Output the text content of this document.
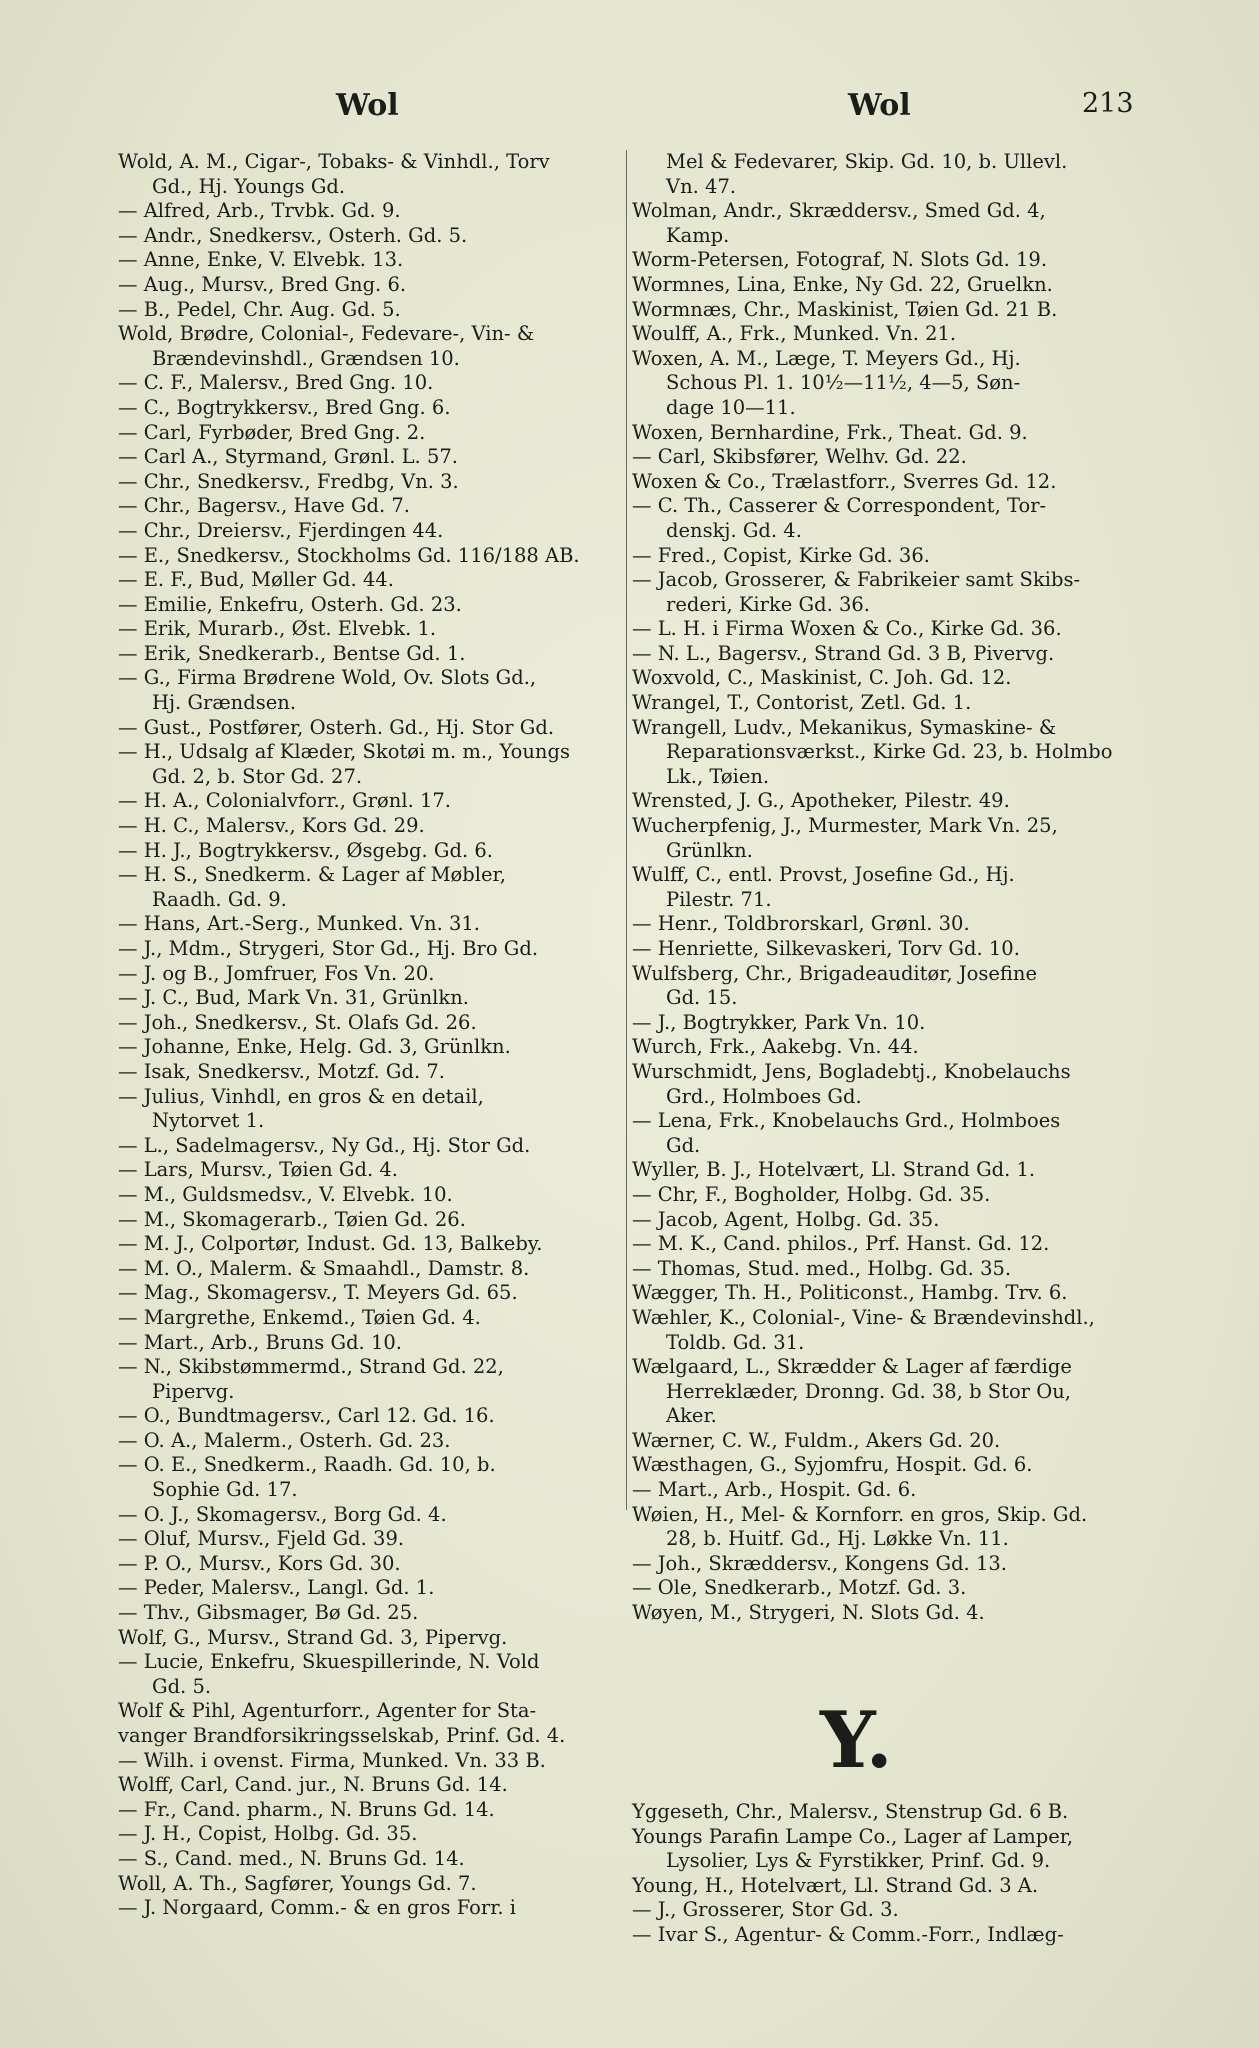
Wol	Wol	213

Wold, A. M., Cigar-, Tobaks- & Vinhdl., Torv

Gd., Hj. Youngs Gd.

— Alfred, Arb., Trvbk. Gd. 9.

— Andr., Snedkersv., Osterh. Gd. 5.

— Anne, Enke, V. Elvebk. 13.

— Aug., Mursv., Bred Gng. 6.

— B., Pedel, Chr. Aug. Gd. 5.

Wold, Brødre, Colonial-, Fedevare-, Vin- &

Brændevinshdl., Grændsen 10.

— C. F., Malersv., Bred Gng. 10.

— C., Bogtrykkersv., Bred Gng. 6.

— Carl, Fyrbøder, Bred Gng. 2.

— Carl A., Styrmand, Grønl. L. 57.

— Chr., Snedkersv., Fredbg, Vn. 3.

— Chr., Bagersv., Have Gd. 7.

— Chr., Dreiersv., Fjerdingen 44.

— E., Snedkersv., Stockholms Gd. 116/188 AB.

— E. F., Bud, Møller Gd. 44.

— Emilie, Enkefru, Osterh. Gd. 23.

— Erik, Murarb., Øst. Elvebk. 1.

— Erik, Snedkerarb., Bentse Gd. 1.

— G., Firma Brødrene Wold, Ov. Slots Gd.,

Hj. Grændsen.

— Gust., Postfører, Osterh. Gd., Hj. Stor Gd.

— H., Udsalg af Klæder, Skotøi m. m., Youngs

Gd. 2, b. Stor Gd. 27.

— H. A., Colonialvforr., Grønl. 17.

— H. C., Malersv., Kors Gd. 29.

— H. J., Bogtrykkersv., Øsgebg. Gd. 6.

— H. S., Snedkerm. & Lager af Møbler,

Raadh. Gd. 9.

— Hans, Art.-Serg., Munked. Vn. 31.

— J., Mdm., Strygeri, Stor Gd., Hj. Bro Gd.

— J. og B., Jomfruer, Fos Vn. 20.

— J. C., Bud, Mark Vn. 31, Grünlkn.

— Joh., Snedkersv., St. Olafs Gd. 26.

— Johanne, Enke, Helg. Gd. 3, Grünlkn.

— Isak, Snedkersv., Motzf. Gd. 7.

— Julius, Vinhdl, en gros & en detail,

Nytorvet 1.

— L., Sadelmagersv., Ny Gd., Hj. Stor Gd.

— Lars, Mursv., Tøien Gd. 4.

— M., Guldsmedsv., V. Elvebk. 10.

— M., Skomagerarb., Tøien Gd. 26.

— M. J., Colportør, Indust. Gd. 13, Balkeby.

— M. O., Malerm. & Smaahdl., Damstr. 8.

— Mag., Skomagersv., T. Meyers Gd. 65.

— Margrethe, Enkemd., Tøien Gd. 4.

— Mart., Arb., Bruns Gd. 10.

— N., Skibstømmermd., Strand Gd. 22,

Pipervg.

— O., Bundtmagersv., Carl 12. Gd. 16.

— O. A., Malerm., Osterh. Gd. 23.

— O. E., Snedkerm., Raadh. Gd. 10, b.

Sophie Gd. 17.

— O. J., Skomagersv., Borg Gd. 4.

— Oluf, Mursv., Fjeld Gd. 39.

— P. O., Mursv., Kors Gd. 30.

— Peder, Malersv., Langl. Gd. 1.

— Thv., Gibsmager, Bø Gd. 25.

Wolf, G., Mursv., Strand Gd. 3, Pipervg.

— Lucie, Enkefru, Skuespillerinde, N. Vold

Gd. 5.

Wolf & Pihl, Agenturforr., Agenter for Sta-

vanger Brandforsikringsselskab, Prinf. Gd. 4.

— Wilh. i ovenst. Firma, Munked. Vn. 33 B.

Wolff, Carl, Cand. jur., N. Bruns Gd. 14.

— Fr., Cand. pharm., N. Bruns Gd. 14.

— J. H., Copist, Holbg. Gd. 35.

— S., Cand. med., N. Bruns Gd. 14.

Woll, A. Th., Sagfører, Youngs Gd. 7.

— J. Norgaard, Comm.- & en gros Forr. i

Mel & Fedevarer, Skip. Gd. 10, b. Ullevl.

Vn. 47.

Wolman, Andr., Skræddersv., Smed Gd. 4,

Kamp.

Worm-Petersen, Fotograf, N. Slots Gd. 19.

Wormnes, Lina, Enke, Ny Gd. 22, Gruelkn.

Wormnæs, Chr., Maskinist, Tøien Gd. 21 B.

Woulff, A., Frk., Munked. Vn. 21.

Woxen, A. M., Læge, T. Meyers Gd., Hj.

Schous Pl. 1. 10½—11½, 4—5, Søn-

dage 10—11.

Woxen, Bernhardine, Frk., Theat. Gd. 9.

— Carl, Skibsfører, Welhv. Gd. 22.

Woxen & Co., Trælastforr., Sverres Gd. 12.

— C. Th., Casserer & Correspondent, Tor-

denskj. Gd. 4.

— Fred., Copist, Kirke Gd. 36.

— Jacob, Grosserer, & Fabrikeier samt Skibs-

rederi, Kirke Gd. 36.

— L. H. i Firma Woxen & Co., Kirke Gd. 36.

— N. L., Bagersv., Strand Gd. 3 B, Pivervg.

Woxvold, C., Maskinist, C. Joh. Gd. 12.

Wrangel, T., Contorist, Zetl. Gd. 1.

Wrangell, Ludv., Mekanikus, Symaskine- &

Reparationsværkst., Kirke Gd. 23, b. Holmbo

Lk., Tøien.

Wrensted, J. G., Apotheker, Pilestr. 49.

Wucherpfenig, J., Murmester, Mark Vn. 25,

Grünlkn.

Wulff, C., entl. Provst, Josefine Gd., Hj.

Pilestr. 71.

— Henr., Toldbrorskarl, Grønl. 30.

— Henriette, Silkevaskeri, Torv Gd. 10.

Wulfsberg, Chr., Brigadeauditør, Josefine

Gd. 15.

— J., Bogtrykker, Park Vn. 10.

Wurch, Frk., Aakebg. Vn. 44.

Wurschmidt, Jens, Bogladebtj., Knobelauchs

Grd., Holmboes Gd.

— Lena, Frk., Knobelauchs Grd., Holmboes

Gd.

Wyller, B. J., Hotelvært, Ll. Strand Gd. 1.

— Chr, F., Bogholder, Holbg. Gd. 35.

— Jacob, Agent, Holbg. Gd. 35.

— M. K., Cand. philos., Prf. Hanst. Gd. 12.

— Thomas, Stud. med., Holbg. Gd. 35.

Wægger, Th. H., Politiconst., Hambg. Trv. 6.

Wæhler, K., Colonial-, Vine- & Brændevinshdl.,

Toldb. Gd. 31.

Wælgaard, L., Skrædder & Lager af færdige

Herreklæder, Dronng. Gd. 38, b Stor Ou,

Aker.

Wærner, C. W., Fuldm., Akers Gd. 20.

Wæsthagen, G., Syjomfru, Hospit. Gd. 6.

— Mart., Arb., Hospit. Gd. 6.

Wøien, H., Mel- & Kornforr. en gros, Skip. Gd.

28, b. Huitf. Gd., Hj. Løkke Vn. 11.

— Joh., Skræddersv., Kongens Gd. 13.

— Ole, Snedkerarb., Motzf. Gd. 3.

Wøyen, M., Strygeri, N. Slots Gd. 4.

Y.

Yggeseth, Chr., Malersv., Stenstrup Gd. 6 B.

Youngs Parafin Lampe Co., Lager af Lamper,

Lysolier, Lys & Fyrstikker, Prinf. Gd. 9.

Young, H., Hotelvært, Ll. Strand Gd. 3 A.

— J., Grosserer, Stor Gd. 3.

— Ivar S., Agentur- & Comm.-Forr., Indlæg-
